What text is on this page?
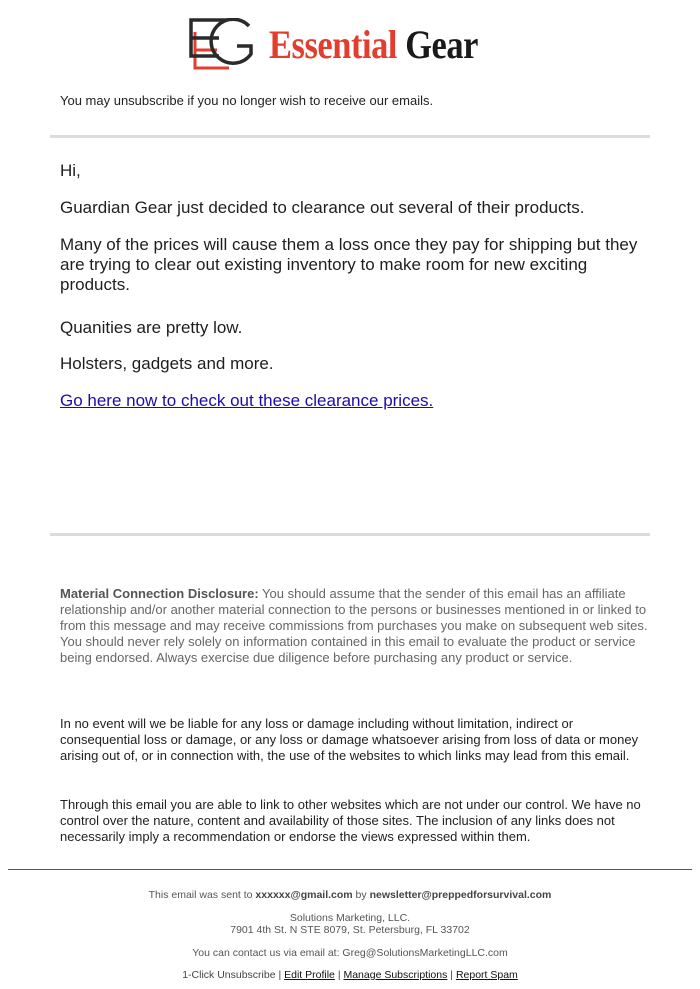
Essential Gear
You may unsubscribe if you no longer wish to receive our emails.
Hi,
Guardian Gear just decided to clearance out several of their products.
Many of the prices will cause them a loss once they pay for shipping but they are trying to clear out existing inventory to make room for new exciting products.
Quanities are pretty low.
Holsters, gadgets and more.
Go here now to check out these clearance prices.
Material Connection Disclosure: You should assume that the sender of this email has an affiliate relationship and/or another material connection to the persons or businesses mentioned in or linked to from this message and may receive commissions from purchases you make on subsequent web sites. You should never rely solely on information contained in this email to evaluate the product or service being endorsed. Always exercise due diligence before purchasing any product or service.
In no event will we be liable for any loss or damage including without limitation, indirect or consequential loss or damage, or any loss or damage whatsoever arising from loss of data or money arising out of, or in connection with, the use of the websites to which links may lead from this email.
Through this email you are able to link to other websites which are not under our control. We have no control over the nature, content and availability of those sites. The inclusion of any links does not necessarily imply a recommendation or endorse the views expressed within them.
This email was sent to xxxxxx@gmail.com by newsletter@preppedforsurvival.com
Solutions Marketing, LLC.
7901 4th St. N STE 8079, St. Petersburg, FL 33702
You can contact us via email at: Greg@SolutionsMarketingLLC.com
1-Click Unsubscribe | Edit Profile | Manage Subscriptions | Report Spam
